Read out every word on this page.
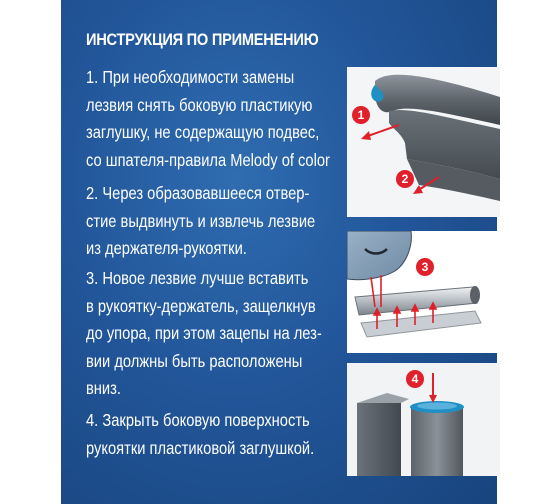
ИНСТРУКЦИЯ ПО ПРИМЕНЕНИЮ
1. При необходимости замены
лезвия снять боковую пластикую
заглушку, не содержащую подвес,
со шпателя-правила Melody of color
2. Через образовавшееся отвер-
стие выдвинуть и извлечь лезвие
из держателя-рукоятки.
3. Новое лезвие лучше вставить
в рукоятку-держатель, защелкнув
до упора, при этом зацепы на лез-
вии должны быть расположены
вниз.
4. Закрыть боковую поверхность
рукоятки пластиковой заглушкой.
1
2
3
4
